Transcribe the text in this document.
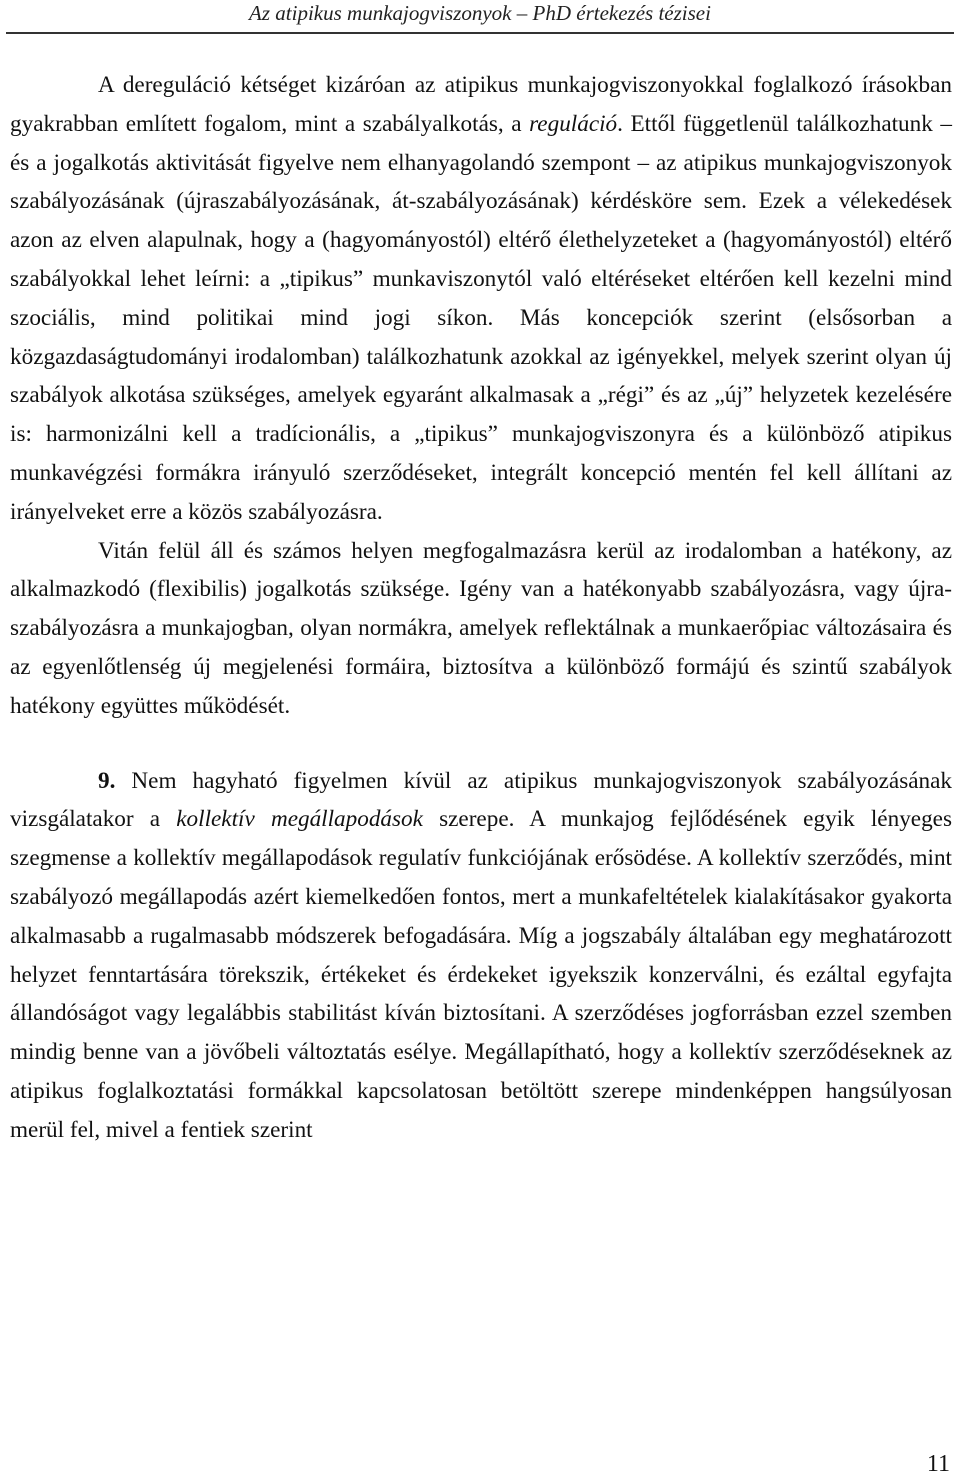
Az atipikus munkajogviszonyok – PhD értekezés tézisei

A dereguláció kétséget kizáróan az atipikus munkajogviszonyokkal foglalkozó írásokban gyakrabban említett fogalom, mint a szabályalkotás, a reguláció. Ettől függetlenül találkozhatunk – és a jogalkotás aktivitását figyelve nem elhanyagolandó szempont – az atipikus munkajogviszonyok szabályozásának (újraszabályozásának, át-szabályozásának) kérdésköre sem. Ezek a vélekedések azon az elven alapulnak, hogy a (hagyományostól) eltérő élethelyzeteket a (hagyományostól) eltérő szabályokkal lehet leírni: a „tipikus” munkaviszonytól való eltéréseket eltérően kell kezelni mind szociális, mind politikai mind jogi síkon. Más koncepciók szerint (elsősorban a közgazdaságtudományi irodalomban) találkozhatunk azokkal az igényekkel, melyek szerint olyan új szabályok alkotása szükséges, amelyek egyaránt alkalmasak a „régi” és az „új” helyzetek kezelésére is: harmonizálni kell a tradícionális, a „tipikus” munkajogviszonyra és a különböző atipikus munkavégzési formákra irányuló szerződéseket, integrált koncepció mentén fel kell állítani az irányelveket erre a közös szabályozásra.

Vitán felül áll és számos helyen megfogalmazásra kerül az irodalomban a hatékony, az alkalmazkodó (flexibilis) jogalkotás szüksége. Igény van a hatékonyabb szabályozásra, vagy újra-szabályozásra a munkajogban, olyan normákra, amelyek reflektálnak a munkaerőpiac változásaira és az egyenlőtlenség új megjelenési formáira, biztosítva a különböző formájú és szintű szabályok hatékony együttes működését.

9. Nem hagyható figyelmen kívül az atipikus munkajogviszonyok szabályozásának vizsgálatakor a kollektív megállapodások szerepe. A munkajog fejlődésének egyik lényeges szegmense a kollektív megállapodások regulatív funkciójának erősödése. A kollektív szerződés, mint szabályozó megállapodás azért kiemelkedően fontos, mert a munkafeltételek kialakításakor gyakorta alkalmasabb a rugalmasabb módszerek befogadására. Míg a jogszabály általában egy meghatározott helyzet fenntartására törekszik, értékeket és érdekeket igyekszik konzerválni, és ezáltal egyfajta állandóságot vagy legalábbis stabilitást kíván biztosítani. A szerződéses jogforrásban ezzel szemben mindig benne van a jövőbeli változtatás esélye. Megállapítható, hogy a kollektív szerződéseknek az atipikus foglalkoztatási formákkal kapcsolatosan betöltött szerepe mindenképpen hangsúlyosan merül fel, mivel a fentiek szerint

11
